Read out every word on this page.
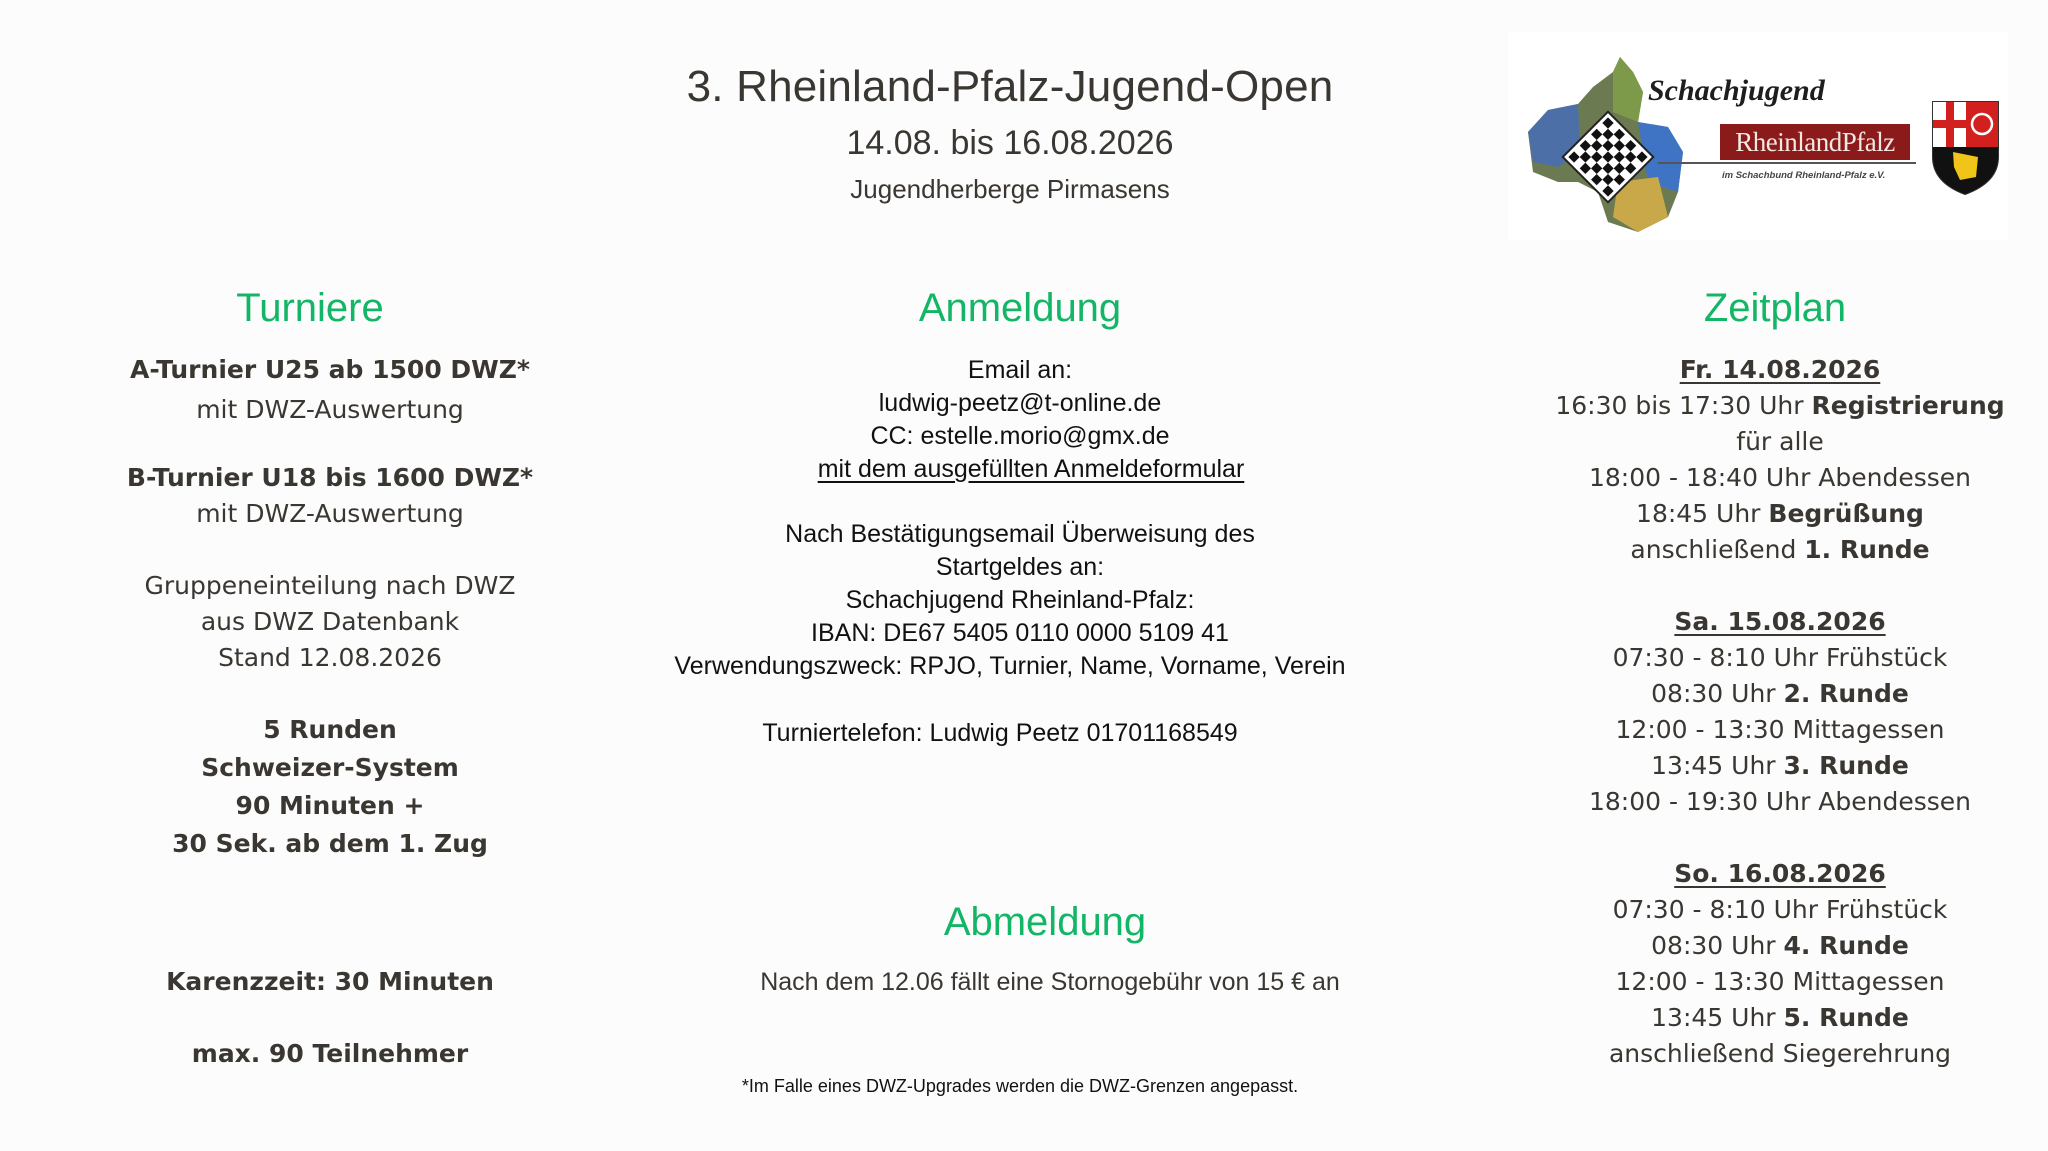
3. Rheinland-Pfalz-Jugend-Open
14.08. bis 16.08.2026
Jugendherberge Pirmasens
Schachjugend
RheinlandPfalz
im Schachbund Rheinland-Pfalz e.V.
Turniere
A-Turnier U25 ab 1500 DWZ*
mit DWZ-Auswertung
B-Turnier U18 bis 1600 DWZ*
mit DWZ-Auswertung
Gruppeneinteilung nach DWZ
aus DWZ Datenbank
Stand 12.08.2026
5 Runden
Schweizer-System
90 Minuten +
30 Sek. ab dem 1. Zug
Karenzzeit: 30 Minuten
max. 90 Teilnehmer
Anmeldung
Email an:
ludwig-peetz@t-online.de
CC: estelle.morio@gmx.de
mit dem ausgefüllten Anmeldeformular
Nach Bestätigungsemail Überweisung des
Startgeldes an:
Schachjugend Rheinland-Pfalz:
IBAN: DE67 5405 0110 0000 5109 41
Verwendungszweck: RPJO, Turnier, Name, Vorname, Verein
Turniertelefon: Ludwig Peetz 01701168549
Abmeldung
Nach dem 12.06 fällt eine Stornogebühr von 15 € an
*Im Falle eines DWZ-Upgrades werden die DWZ-Grenzen angepasst.
Zeitplan
Fr. 14.08.2026
16:30 bis 17:30 Uhr Registrierung
für alle
18:00 - 18:40 Uhr Abendessen
18:45 Uhr Begrüßung
anschließend 1. Runde
Sa. 15.08.2026
07:30 - 8:10 Uhr Frühstück
08:30 Uhr 2. Runde
12:00 - 13:30 Mittagessen
13:45 Uhr 3. Runde
18:00 - 19:30 Uhr Abendessen
So. 16.08.2026
07:30 - 8:10 Uhr Frühstück
08:30 Uhr 4. Runde
12:00 - 13:30 Mittagessen
13:45 Uhr 5. Runde
anschließend Siegerehrung
